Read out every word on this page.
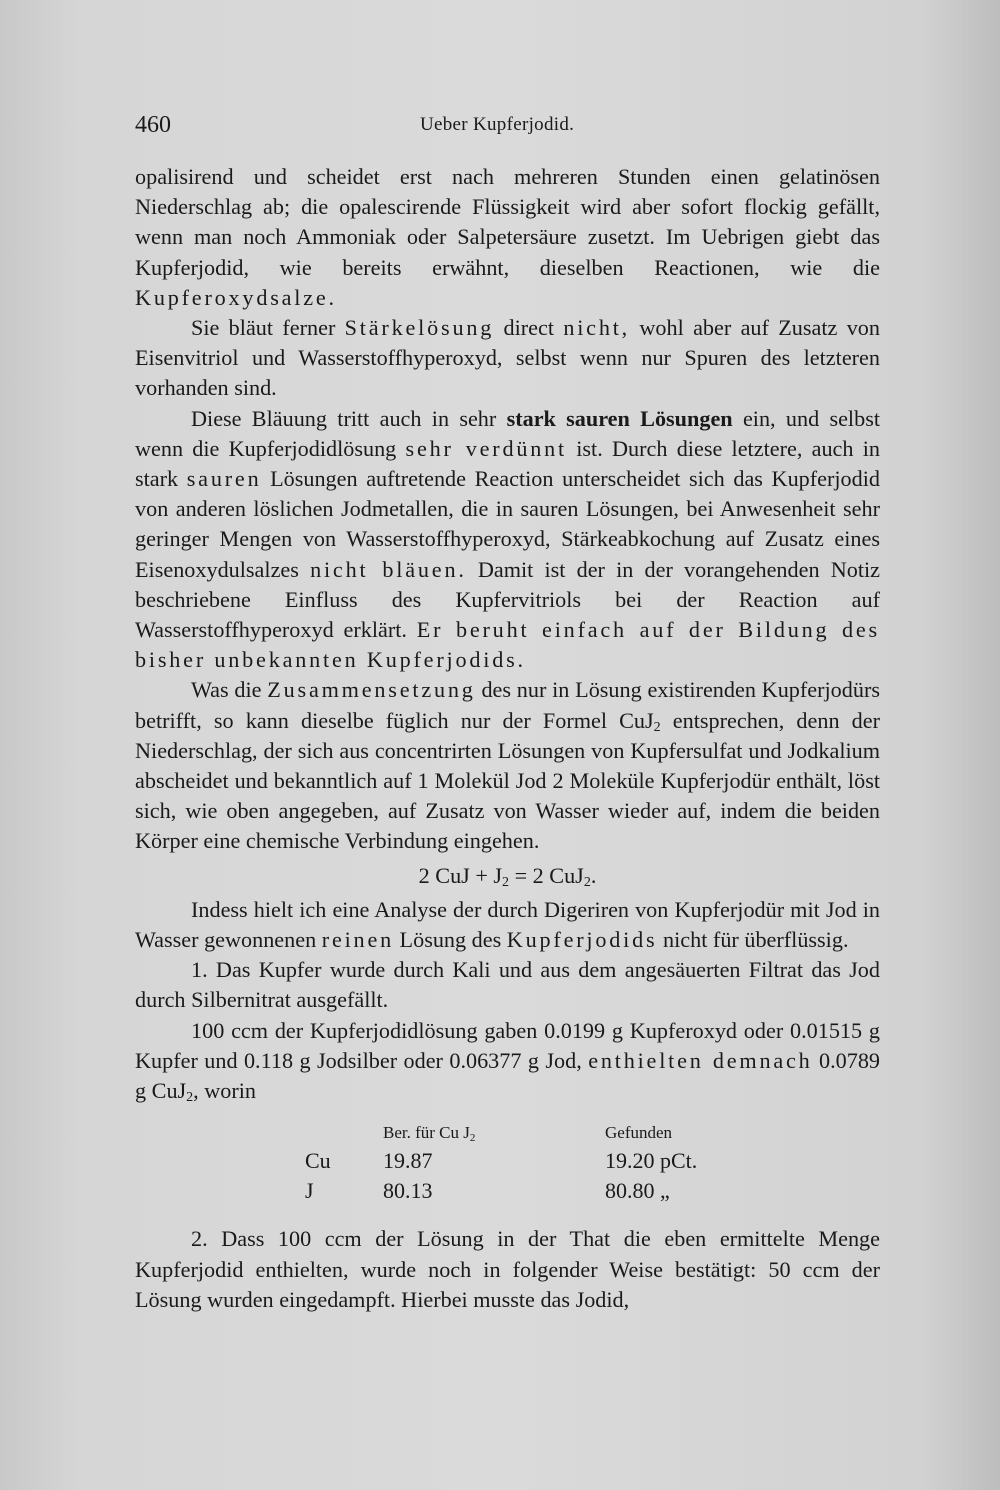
460	Ueber Kupferjodid.

opalisirend und scheidet erst nach mehreren Stunden einen gelatinösen Niederschlag ab; die opalescirende Flüssigkeit wird aber sofort flockig gefällt, wenn man noch Ammoniak oder Salpetersäure zusetzt. Im Uebrigen giebt das Kupferjodid, wie bereits erwähnt, dieselben Reactionen, wie die Kupferoxydsalze.

Sie bläut ferner Stärkelösung direct nicht, wohl aber auf Zusatz von Eisenvitriol und Wasserstoffhyperoxyd, selbst wenn nur Spuren des letzteren vorhanden sind.

Diese Bläuung tritt auch in sehr stark sauren Lösungen ein, und selbst wenn die Kupferjodidlösung sehr verdünnt ist. Durch diese letztere, auch in stark sauren Lösungen auftretende Reaction unterscheidet sich das Kupferjodid von anderen löslichen Jodmetallen, die in sauren Lösungen, bei Anwesenheit sehr geringer Mengen von Wasserstoffhyperoxyd, Stärkeabkochung auf Zusatz eines Eisenoxydulsalzes nicht bläuen. Damit ist der in der vorangehenden Notiz beschriebene Einfluss des Kupfervitriols bei der Reaction auf Wasserstoffhyperoxyd erklärt. Er beruht einfach auf der Bildung des bisher unbekannten Kupferjodids.

Was die Zusammensetzung des nur in Lösung existirenden Kupferjodürs betrifft, so kann dieselbe füglich nur der Formel CuJ$_2$ entsprechen, denn der Niederschlag, der sich aus concentrirten Lösungen von Kupfersulfat und Jodkalium abscheidet und bekanntlich auf 1 Molekül Jod 2 Moleküle Kupferjodür enthält, löst sich, wie oben angegeben, auf Zusatz von Wasser wieder auf, indem die beiden Körper eine chemische Verbindung eingehen.

2 CuJ + $J_2 = 2$ CuJ$_2$.

Indess hielt ich eine Analyse der durch Digeriren von Kupferjodür mit Jod in Wasser gewonnenen reinen Lösung des Kupferjodids nicht für überflüssig.

1. Das Kupfer wurde durch Kali und aus dem angesäuerten Filtrat das Jod durch Silbernitrat ausgefällt.

100 ccm der Kupferjodidlösung gaben 0.0199 g Kupferoxyd oder 0.01515 g Kupfer und 0.118 g Jodsilber oder 0.06377 g Jod, enthielten demnach 0.0789 g CuJ$_2$, worin

	Ber. für Cu $J_2$	Gefunden
Cu	19.87	19.20 pCt.
J	80.13	80.80 „

2. Dass 100 ccm der Lösung in der That die eben ermittelte Menge Kupferjodid enthielten, wurde noch in folgender Weise bestätigt: 50 ccm der Lösung wurden eingedampft. Hierbei musste das Jodid,
